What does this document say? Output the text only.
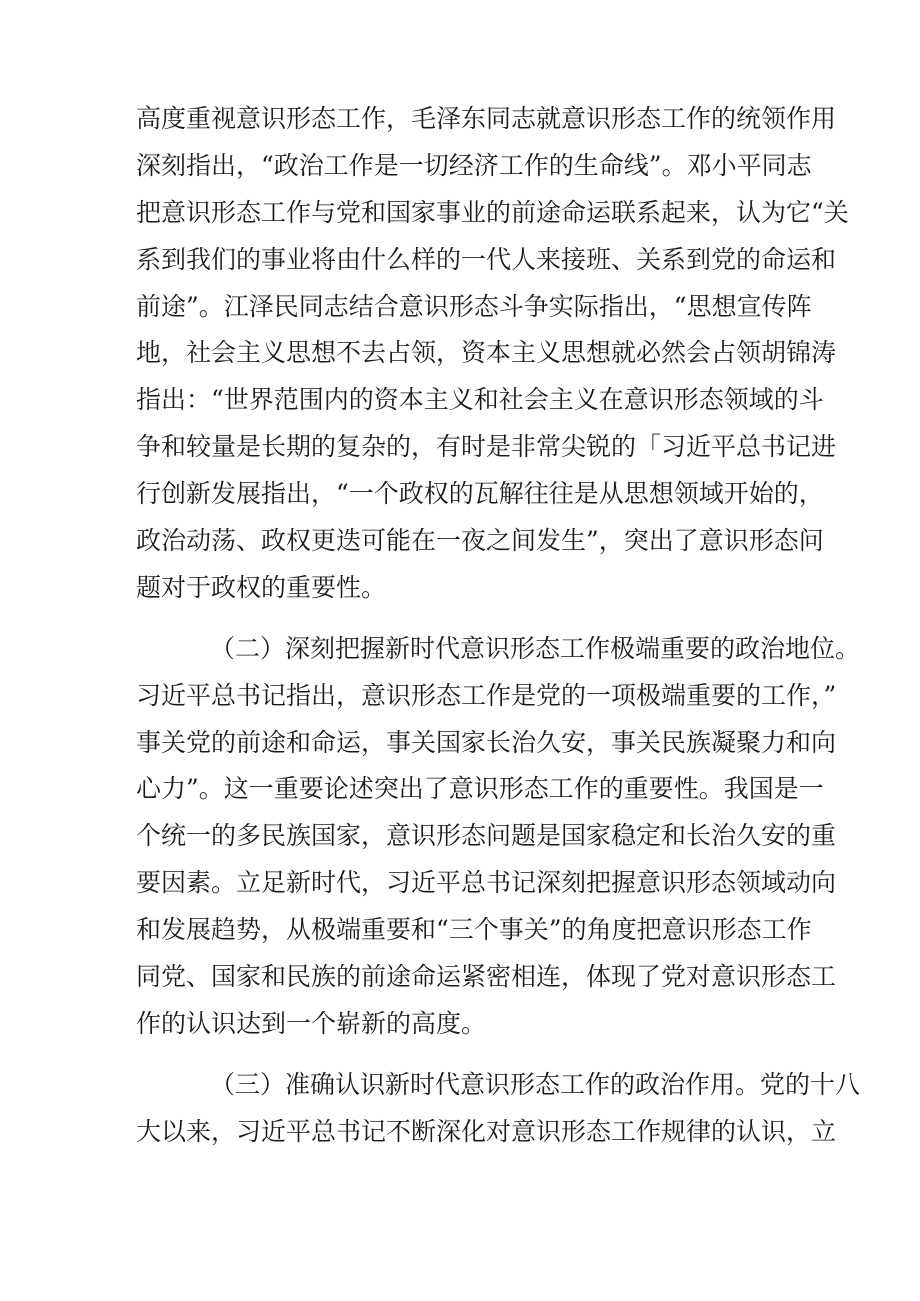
高度重视意识形态工作，毛泽东同志就意识形态工作的统领作用
深刻指出，“政治工作是一切经济工作的生命线”。邓小平同志
把意识形态工作与党和国家事业的前途命运联系起来，认为它“关
系到我们的事业将由什么样的一代人来接班、关系到党的命运和
前途”。江泽民同志结合意识形态斗争实际指出，“思想宣传阵
地，社会主义思想不去占领，资本主义思想就必然会占领胡锦涛
指出：“世界范围内的资本主义和社会主义在意识形态领域的斗
争和较量是长期的复杂的，有时是非常尖锐的「习近平总书记进
行创新发展指出，“一个政权的瓦解往往是从思想领域开始的，
政治动荡、政权更迭可能在一夜之间发生”，突出了意识形态问
题对于政权的重要性。
（二）深刻把握新时代意识形态工作极端重要的政治地位。
习近平总书记指出，意识形态工作是党的一项极端重要的工作，”
事关党的前途和命运，事关国家长治久安，事关民族凝聚力和向
心力”。这一重要论述突出了意识形态工作的重要性。我国是一
个统一的多民族国家，意识形态问题是国家稳定和长治久安的重
要因素。立足新时代，习近平总书记深刻把握意识形态领域动向
和发展趋势，从极端重要和“三个事关”的角度把意识形态工作
同党、国家和民族的前途命运紧密相连，体现了党对意识形态工
作的认识达到一个崭新的高度。
（三）准确认识新时代意识形态工作的政治作用。党的十八
大以来，习近平总书记不断深化对意识形态工作规律的认识，立
